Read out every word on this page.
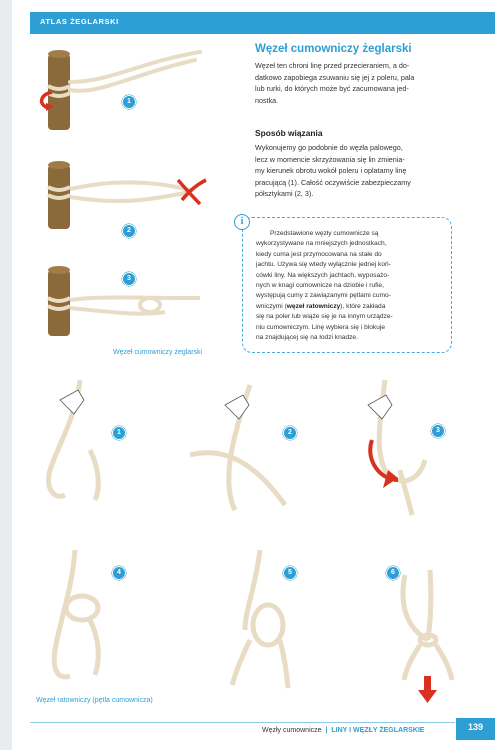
ATLAS ŻEGLARSKI
1
2
3
1	2	3
4	5	6
Węzeł cumowniczy żeglarski
Węzeł ten chroni linę przed przecieraniem, a do-
datkowo zapobiega zsuwaniu się jej z poleru, pala
lub rurki, do których może być zacumowana jed-
nostka.
Sposób wiązania
Wykonujemy go podobnie do węzła palowego,
lecz w momencie skrzyżowania się lin zmienia-
my kierunek obrotu wokół poleru i oplatamy linę
pracującą (1). Całość oczywiście zabezpieczamy
półsztykami (2, 3).
i
Przedstawione węzły cumownicze są
wykorzystywane na mniejszych jednostkach,
kiedy cuma jest przymocowana na stałe do
jachtu. Używa się wtedy wyłącznie jednej koń-
cówki liny. Na większych jachtach, wyposażo-
nych w knagi cumownicze na dziobie i rufie,
występują cumy z zawiązanymi pętlami cumo-
wniczymi (węzeł ratowniczy), które zakłada
się na poler lub wiąże się je na innym urządze-
niu cumowniczym. Linę wybiera się i blokuje
na znajdującej się na łodzi knadze.
Węzeł cumowniczy żeglarski
Węzeł ratowniczy (pętla cumownicza)
Węzły cumownicze | LINY I WĘZŁY ŻEGLARSKIE	139
